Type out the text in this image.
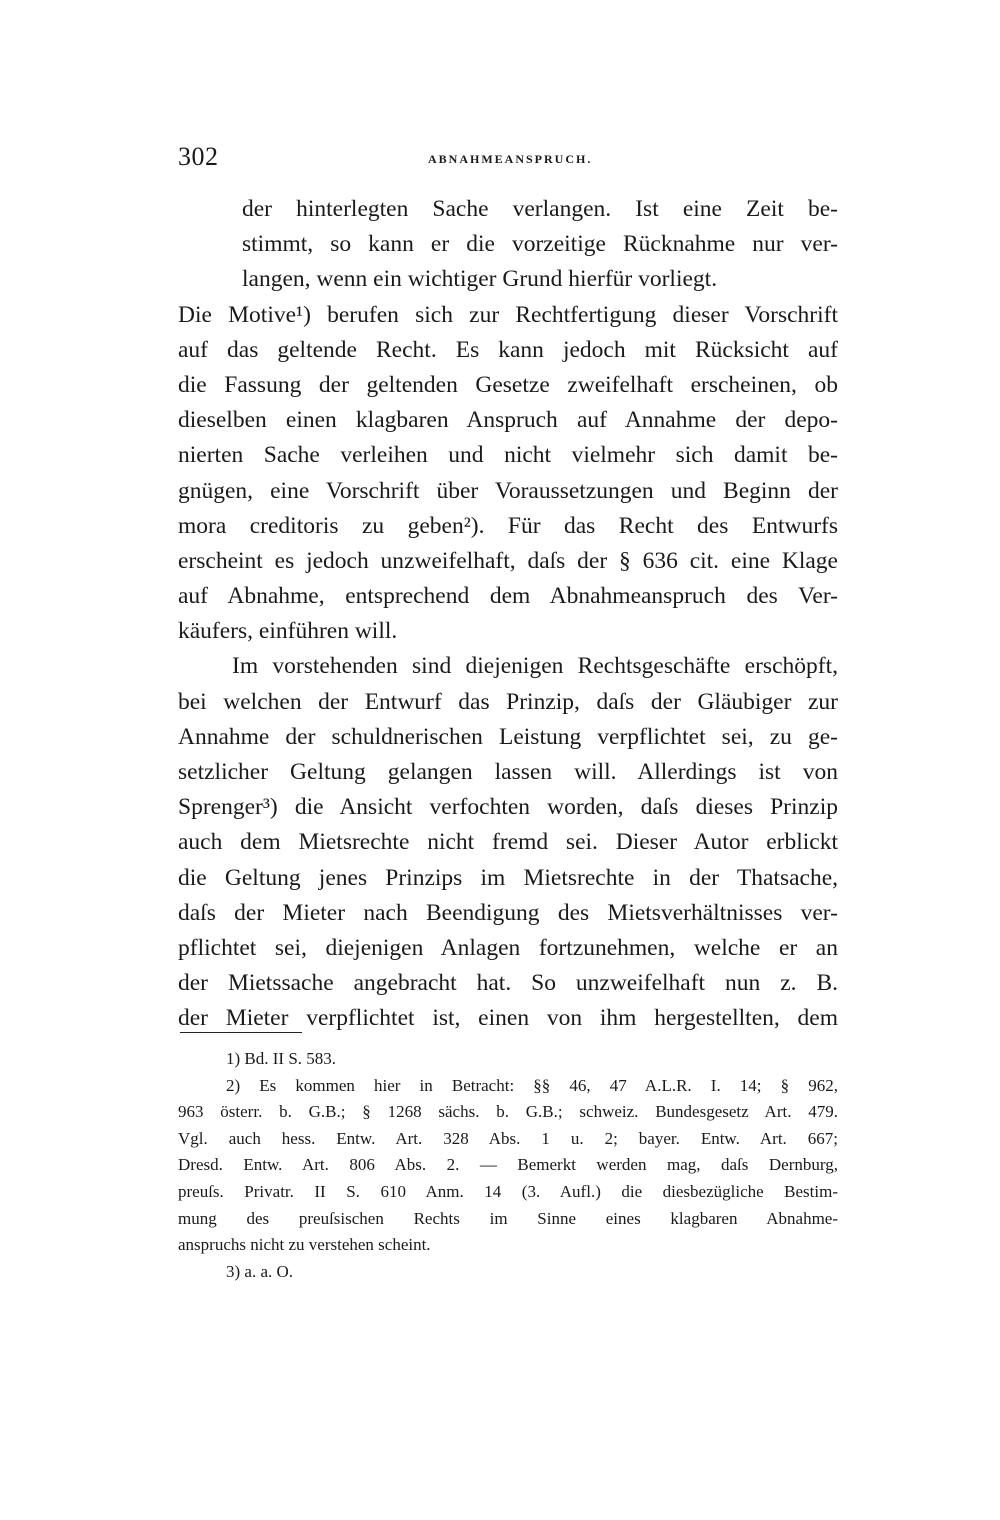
302	ABNAHMEANSPRUCH.
der hinterlegten Sache verlangen. Ist eine Zeit be-
stimmt, so kann er die vorzeitige Rücknahme nur ver-
langen, wenn ein wichtiger Grund hierfür vorliegt.
Die Motive¹) berufen sich zur Rechtfertigung dieser Vorschrift
auf das geltende Recht. Es kann jedoch mit Rücksicht auf
die Fassung der geltenden Gesetze zweifelhaft erscheinen, ob
dieselben einen klagbaren Anspruch auf Annahme der depo-
nierten Sache verleihen und nicht vielmehr sich damit be-
gnügen, eine Vorschrift über Voraussetzungen und Beginn der
mora creditoris zu geben²). Für das Recht des Entwurfs
erscheint es jedoch unzweifelhaft, daſs der § 636 cit. eine Klage
auf Abnahme, entsprechend dem Abnahmeanspruch des Ver-
käufers, einführen will.
Im vorstehenden sind diejenigen Rechtsgeschäfte erschöpft,
bei welchen der Entwurf das Prinzip, daſs der Gläubiger zur
Annahme der schuldnerischen Leistung verpflichtet sei, zu ge-
setzlicher Geltung gelangen lassen will. Allerdings ist von
Sprenger³) die Ansicht verfochten worden, daſs dieses Prinzip
auch dem Mietsrechte nicht fremd sei. Dieser Autor erblickt
die Geltung jenes Prinzips im Mietsrechte in der Thatsache,
daſs der Mieter nach Beendigung des Mietsverhältnisses ver-
pflichtet sei, diejenigen Anlagen fortzunehmen, welche er an
der Mietssache angebracht hat. So unzweifelhaft nun z. B.
der Mieter verpflichtet ist, einen von ihm hergestellten, dem
1) Bd. II S. 583.
2) Es kommen hier in Betracht: §§ 46, 47 A.L.R. I. 14; § 962,
963 österr. b. G.B.; § 1268 sächs. b. G.B.; schweiz. Bundesgesetz Art. 479.
Vgl. auch hess. Entw. Art. 328 Abs. 1 u. 2; bayer. Entw. Art. 667;
Dresd. Entw. Art. 806 Abs. 2. — Bemerkt werden mag, daſs Dernburg,
preuſs. Privatr. II S. 610 Anm. 14 (3. Aufl.) die diesbezügliche Bestim-
mung des preuſsischen Rechts im Sinne eines klagbaren Abnahme-
anspruchs nicht zu verstehen scheint.
3) a. a. O.
